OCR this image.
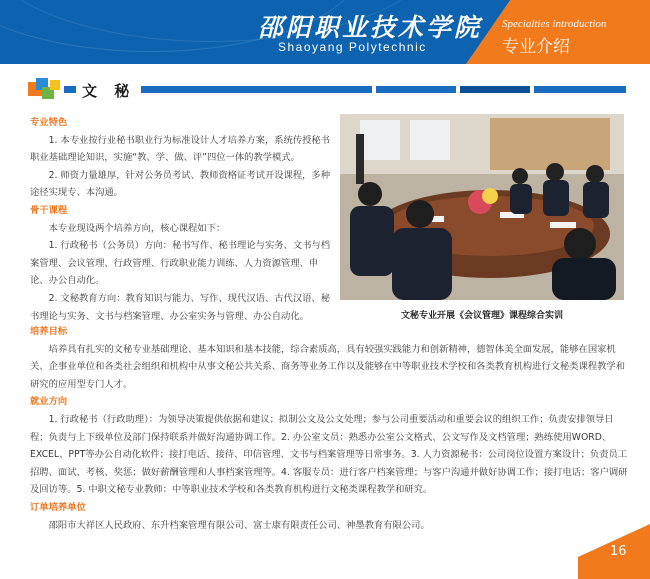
邵阳职业技术学院
Shaoyang Polytechnic
Specialties introduction
专业介绍
文 秘

专业特色

1. 本专业按行业秘书职业行为标准设计人才培养方案，系统传授秘书职业基础理论知识，实施“教、学、做、评”四位一体的教学模式。

2. 师资力量雄厚，针对公务员考试、教师资格证考试开设课程，多种途径实现专、本沟通。

骨干课程

本专业现设两个培养方向，核心课程如下：

1. 行政秘书（公务员）方向：秘书写作、秘书理论与实务、文书与档案管理、会议管理、行政管理、行政职业能力训练、人力资源管理、申论、办公自动化。

2. 文秘教育方向：教育知识与能力、写作、现代汉语、古代汉语、秘书理论与实务、文书与档案管理、办公室实务与管理、办公自动化。	文秘专业开展《会议管理》课程综合实训

培养目标

培养具有扎实的文秘专业基础理论、基本知识和基本技能，综合素质高，具有较强实践能力和创新精神，德智体美全面发展，能够在国家机关、企事业单位和各类社会组织和机构中从事文秘公共关系、商务等业务工作以及能够在中等职业技术学校和各类教育机构进行文秘类课程教学和研究的应用型专门人才。

就业方向

1. 行政秘书（行政助理）：为领导决策提供依据和建议；拟制公文及公文处理；参与公司重要活动和重要会议的组织工作；负责安排领导日程；负责与上下级单位及部门保持联系并做好沟通协调工作。2. 办公室文员：熟悉办公室公文格式、公文写作及文档管理；熟练使用WORD、EXCEL、PPT等办公自动化软件；接打电话、接待、印信管理、文书与档案管理等日常事务。3. 人力资源秘书：公司岗位设置方案设计；负责员工招聘、面试、考核、奖惩；做好薪酬管理和人事档案管理等。4. 客服专员：进行客户档案管理；与客户沟通并做好协调工作；接打电话；客户调研及回访等。5. 中职文秘专业教师：中等职业技术学校和各类教育机构进行文秘类课程教学和研究。

订单培养单位

邵阳市大祥区人民政府、东升档案管理有限公司、富士康有限责任公司、神墨教育有限公司。

16
